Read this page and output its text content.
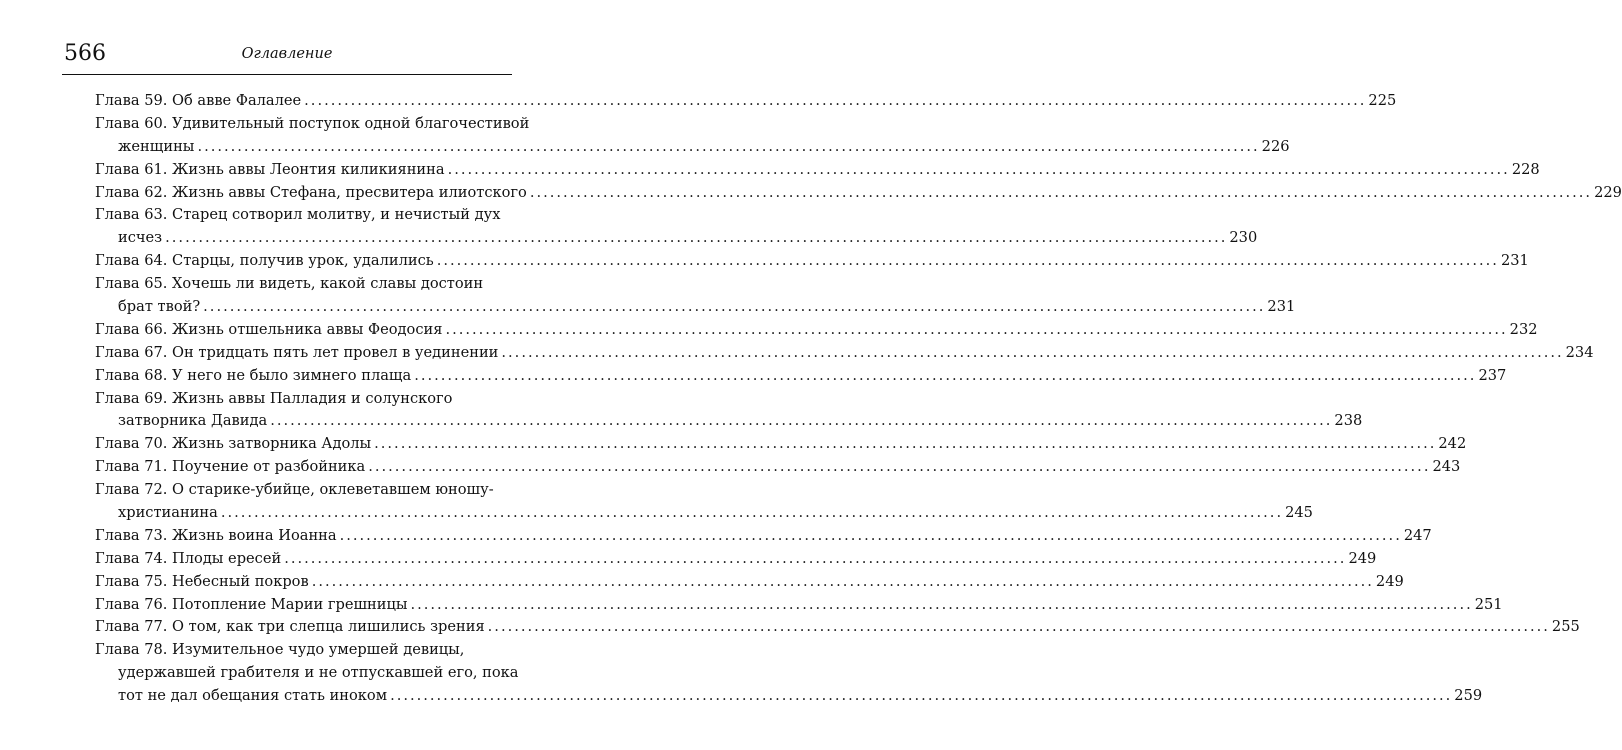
566	Оглавление
Глава 59. Об авве Фалалее ................................................................................................................................................................ 225
Глава 60. Удивительный поступок одной благочестивой
женщины ................................................................................................................................................................ 226
Глава 61. Жизнь аввы Леонтия киликиянина ................................................................................................................................................................ 228
Глава 62. Жизнь аввы Стефана, пресвитера илиотского ................................................................................................................................................................ 229
Глава 63. Старец сотворил молитву, и нечистый дух
исчез ................................................................................................................................................................ 230
Глава 64. Старцы, получив урок, удалились ................................................................................................................................................................ 231
Глава 65. Хочешь ли видеть, какой славы достоин
брат твой? ................................................................................................................................................................ 231
Глава 66. Жизнь отшельника аввы Феодосия ................................................................................................................................................................ 232
Глава 67. Он тридцать пять лет провел в уединении ................................................................................................................................................................ 234
Глава 68. У него не было зимнего плаща ................................................................................................................................................................ 237
Глава 69. Жизнь аввы Палладия и солунского
затворника Давида ................................................................................................................................................................ 238
Глава 70. Жизнь затворника Адолы ................................................................................................................................................................ 242
Глава 71. Поучение от разбойника ................................................................................................................................................................ 243
Глава 72. О старике-убийце, оклеветавшем юношу-
христианина ................................................................................................................................................................ 245
Глава 73. Жизнь воина Иоанна ................................................................................................................................................................ 247
Глава 74. Плоды ересей ................................................................................................................................................................ 249
Глава 75. Небесный покров ................................................................................................................................................................ 249
Глава 76. Потопление Марии грешницы ................................................................................................................................................................ 251
Глава 77. О том, как три слепца лишились зрения ................................................................................................................................................................ 255
Глава 78. Изумительное чудо умершей девицы,
удержавшей грабителя и не отпускавшей его, пока
тот не дал обещания стать иноком ................................................................................................................................................................ 259
